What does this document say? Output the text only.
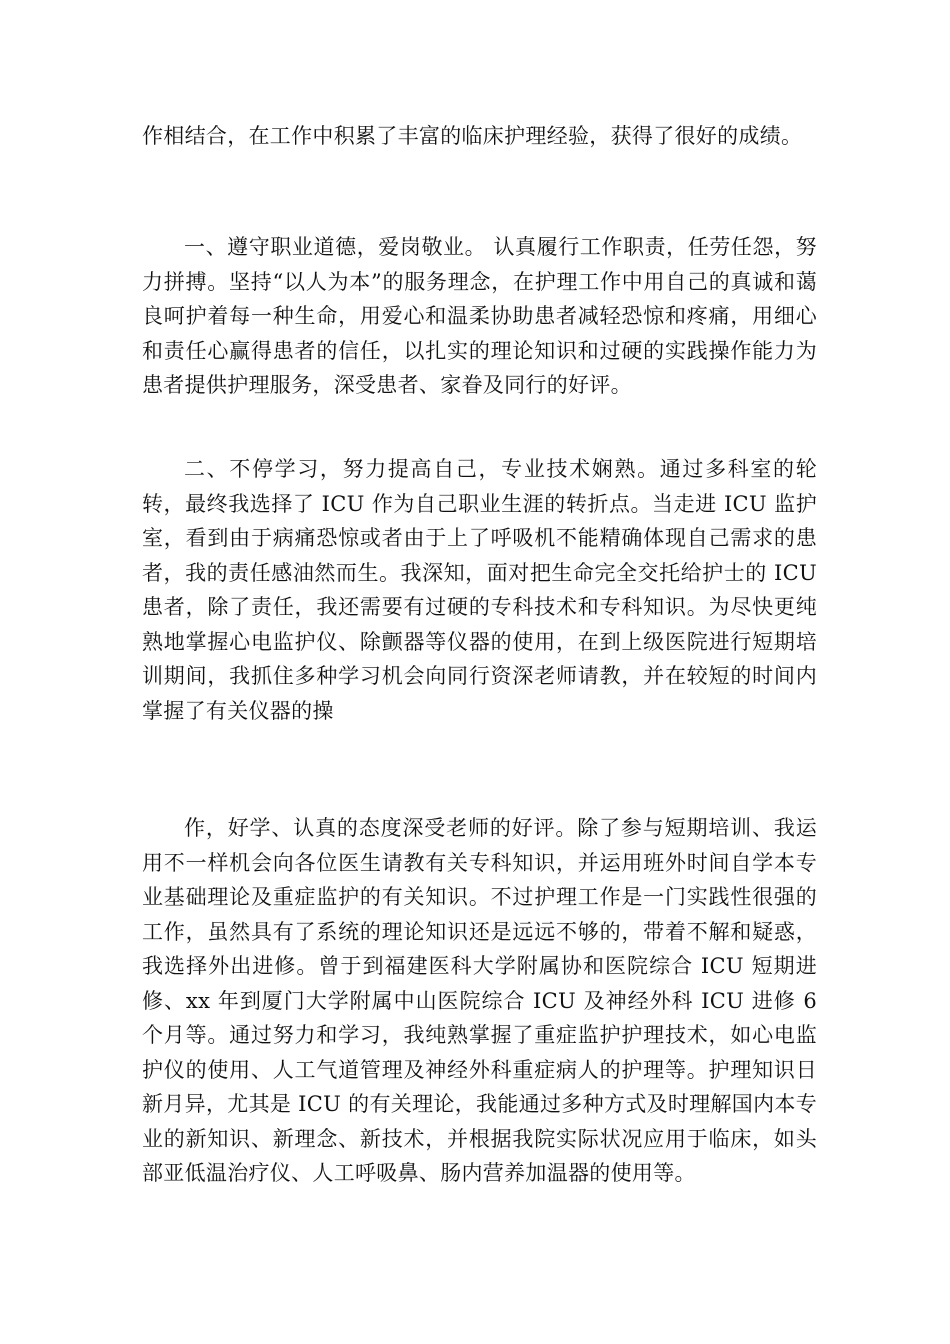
作相结合，在工作中积累了丰富的临床护理经验，获得了很好的成绩。

一、遵守职业道德，爱岗敬业。 认真履行工作职责，任劳任怨，努力拼搏。坚持“以人为本”的服务理念，在护理工作中用自己的真诚和蔼良呵护着每一种生命，用爱心和温柔协助患者减轻恐惊和疼痛，用细心和责任心赢得患者的信任，以扎实的理论知识和过硬的实践操作能力为患者提供护理服务，深受患者、家眷及同行的好评。

二、不停学习，努力提高自己，专业技术娴熟。通过多科室的轮转，最终我选择了 ICU 作为自己职业生涯的转折点。当走进 ICU 监护室，看到由于病痛恐惊或者由于上了呼吸机不能精确体现自己需求的患者，我的责任感油然而生。我深知，面对把生命完全交托给护士的 ICU 患者，除了责任，我还需要有过硬的专科技术和专科知识。为尽快更纯熟地掌握心电监护仪、除颤器等仪器的使用，在到上级医院进行短期培训期间，我抓住多种学习机会向同行资深老师请教，并在较短的时间内掌握了有关仪器的操

作，好学、认真的态度深受老师的好评。除了参与短期培训、我运用不一样机会向各位医生请教有关专科知识，并运用班外时间自学本专业基础理论及重症监护的有关知识。不过护理工作是一门实践性很强的工作，虽然具有了系统的理论知识还是远远不够的，带着不解和疑惑，我选择外出进修。曾于到福建医科大学附属协和医院综合 ICU 短期进修、xx 年到厦门大学附属中山医院综合 ICU 及神经外科 ICU 进修 6 个月等。通过努力和学习，我纯熟掌握了重症监护护理技术，如心电监护仪的使用、人工气道管理及神经外科重症病人的护理等。护理知识日新月异，尤其是 ICU 的有关理论，我能通过多种方式及时理解国内本专业的新知识、新理念、新技术，并根据我院实际状况应用于临床，如头部亚低温治疗仪、人工呼吸鼻、肠内营养加温器的使用等。
